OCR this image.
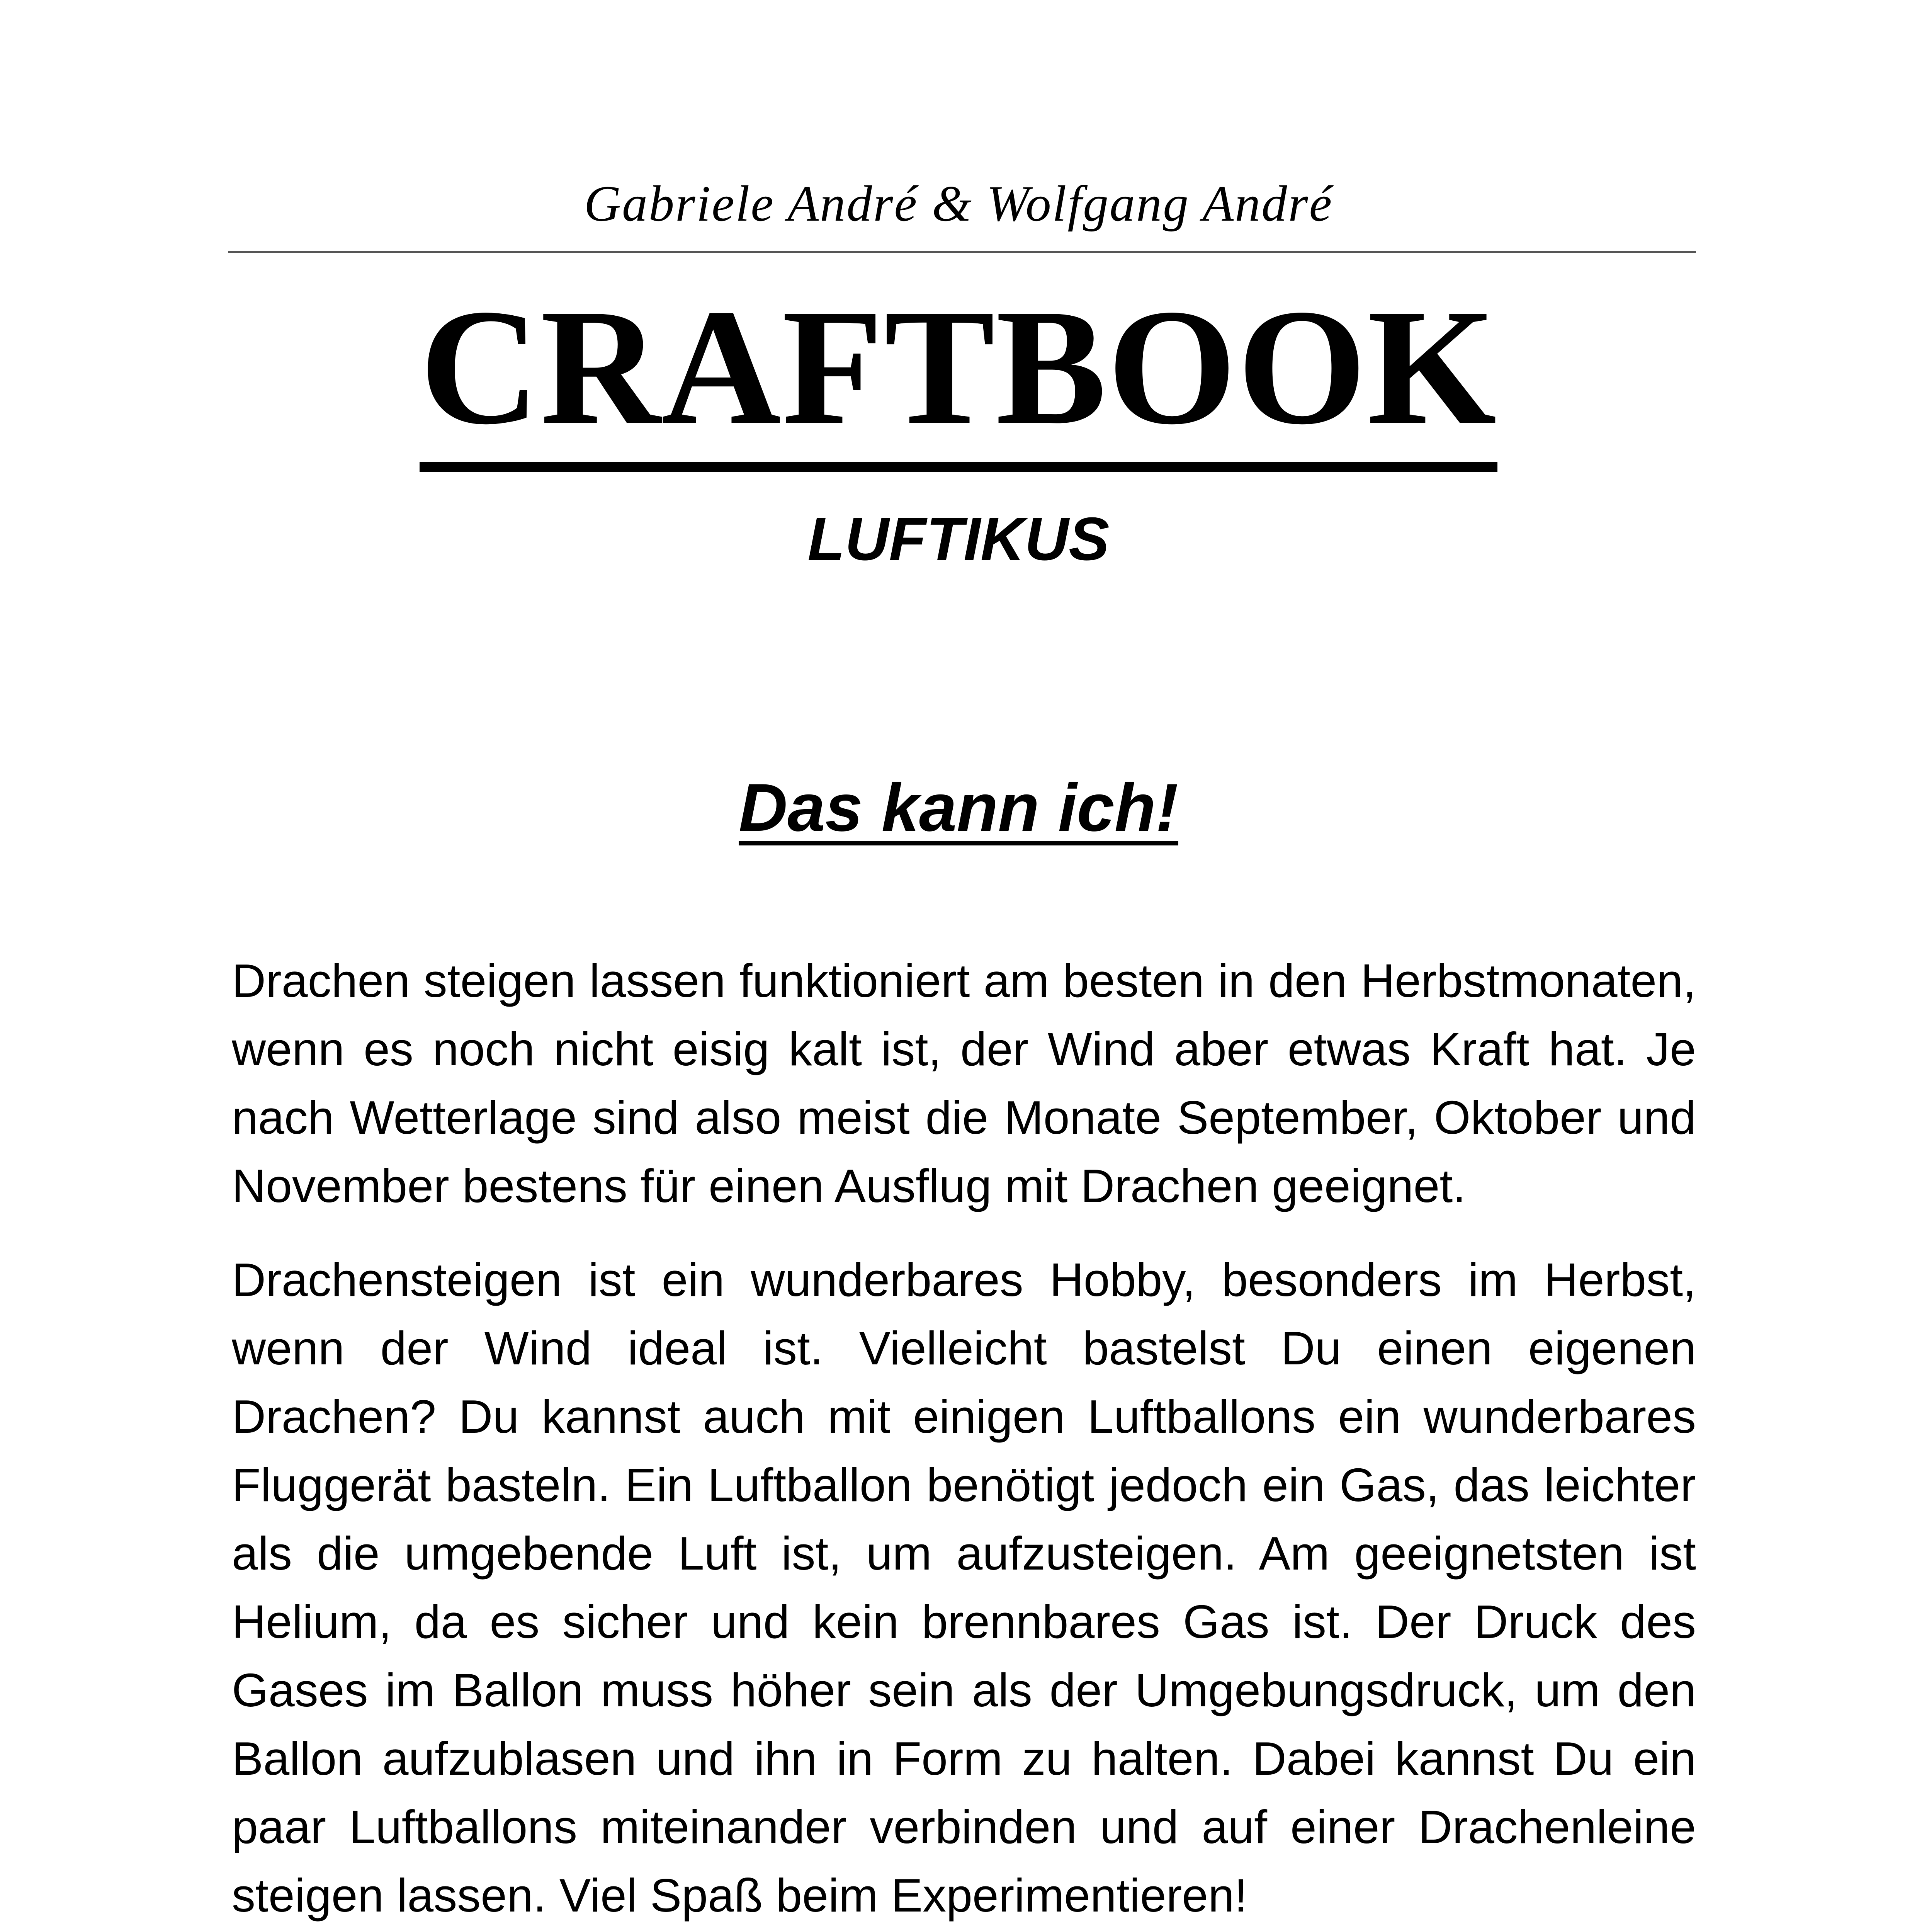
Gabriele André & Wolfgang André
CRAFTBOOK
LUFTIKUS
Das kann ich!

Drachen steigen lassen funktioniert am besten in den Herbstmonaten, wenn es noch nicht eisig kalt ist, der Wind aber etwas Kraft hat. Je nach Wetterlage sind also meist die Monate September, Oktober und November bestens für einen Ausflug mit Drachen geeignet.

Drachensteigen ist ein wunderbares Hobby, besonders im Herbst, wenn der Wind ideal ist. Vielleicht bastelst Du einen eigenen Drachen? Du kannst auch mit einigen Luftballons ein wunderbares Fluggerät basteln. Ein Luftballon benötigt jedoch ein Gas, das leichter als die umgebende Luft ist, um aufzusteigen. Am geeignetsten ist Helium, da es sicher und kein brennbares Gas ist. Der Druck des Gases im Ballon muss höher sein als der Umgebungsdruck, um den Ballon aufzublasen und ihn in Form zu halten. Dabei kannst Du ein paar Luftballons miteinander verbinden und auf einer Drachenleine steigen lassen. Viel Spaß beim Experimentieren!
